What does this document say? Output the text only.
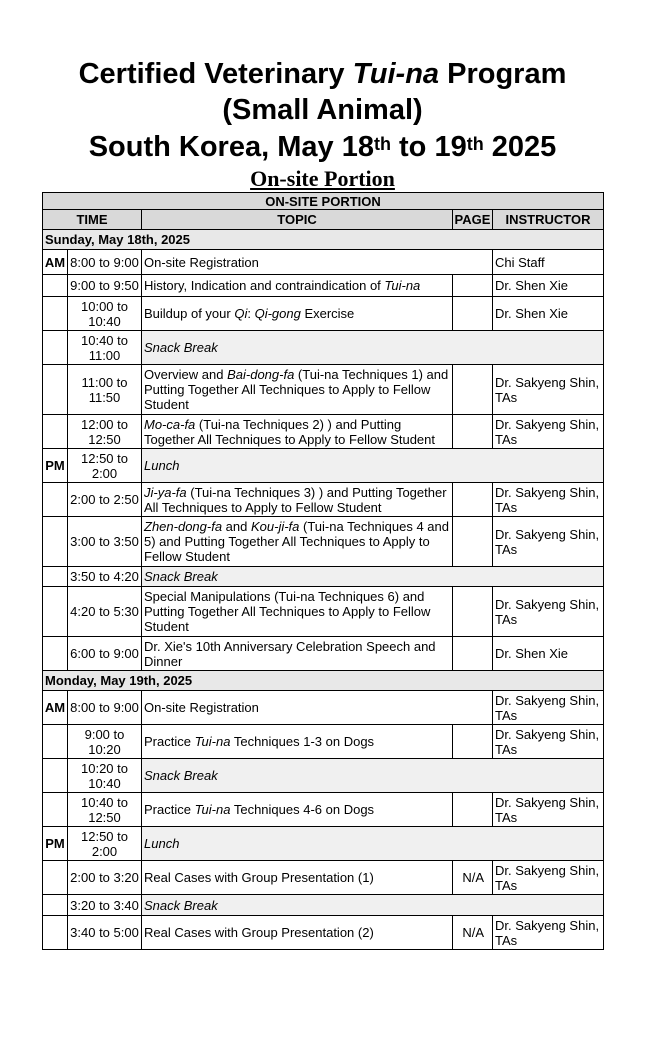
Certified Veterinary Tui-na Program
(Small Animal)
South Korea, May 18th to 19th 2025
On-site Portion
ON-SITE PORTION				
TIME		TOPIC	PAGE	INSTRUCTOR
Sunday, May 18th, 2025				
AM	8:00 to 9:00	On-site Registration		Chi Staff
	9:00 to 9:50	History, Indication and contraindication of Tui-na		Dr. Shen Xie
	10:00 to 10:40	Buildup of your Qi: Qi-gong Exercise		Dr. Shen Xie
	10:40 to 11:00	Snack Break		
	11:00 to 11:50	Overview and Bai-dong-fa (Tui-na Techniques 1) and Putting Together All Techniques to Apply to Fellow Student		Dr. Sakyeng Shin, TAs
	12:00 to 12:50	Mo-ca-fa (Tui-na Techniques 2) ) and Putting Together All Techniques to Apply to Fellow Student		Dr. Sakyeng Shin, TAs
PM	12:50 to 2:00	Lunch		
	2:00 to 2:50	Ji-ya-fa (Tui-na Techniques 3) ) and Putting Together All Techniques to Apply to Fellow Student		Dr. Sakyeng Shin, TAs
	3:00 to 3:50	Zhen-dong-fa and Kou-ji-fa (Tui-na Techniques 4 and 5) and Putting Together All Techniques to Apply to Fellow Student		Dr. Sakyeng Shin, TAs
	3:50 to 4:20	Snack Break		
	4:20 to 5:30	Special Manipulations (Tui-na Techniques 6) and Putting Together All Techniques to Apply to Fellow Student		Dr. Sakyeng Shin, TAs
	6:00 to 9:00	Dr. Xie's 10th Anniversary Celebration Speech and Dinner		Dr. Shen Xie
Monday, May 19th, 2025				
AM	8:00 to 9:00	On-site Registration		Dr. Sakyeng Shin, TAs
	9:00 to 10:20	Practice Tui-na Techniques 1-3 on Dogs		Dr. Sakyeng Shin, TAs
	10:20 to 10:40	Snack Break		
	10:40 to 12:50	Practice Tui-na Techniques 4-6 on Dogs		Dr. Sakyeng Shin, TAs
PM	12:50 to 2:00	Lunch		
	2:00 to 3:20	Real Cases with Group Presentation (1)	N/A	Dr. Sakyeng Shin, TAs
	3:20 to 3:40	Snack Break		
	3:40 to 5:00	Real Cases with Group Presentation (2)	N/A	Dr. Sakyeng Shin, TAs
